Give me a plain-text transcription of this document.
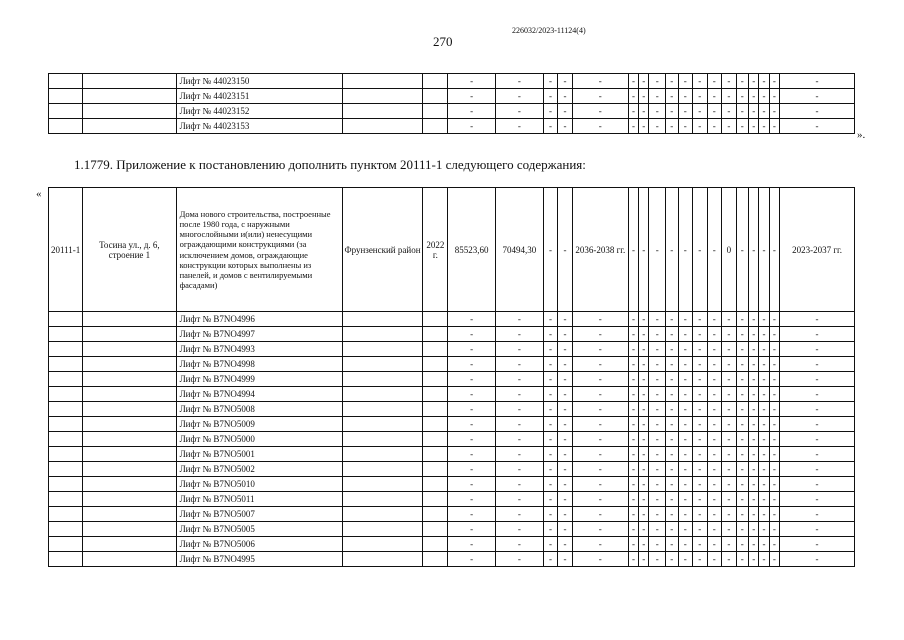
270
226032/2023-11124(4)
		Лифт № 44023150			-	-	-	-	-	-	-	-	-	-	-	-	-	-	-	-	-	-
		Лифт № 44023151			-	-	-	-	-	-	-	-	-	-	-	-	-	-	-	-	-	-
		Лифт № 44023152			-	-	-	-	-	-	-	-	-	-	-	-	-	-	-	-	-	-
		Лифт № 44023153			-	-	-	-	-	-	-	-	-	-	-	-	-	-	-	-	-	-
».
1.1779. Приложение к постановлению дополнить пунктом 20111-1 следующего содержания:
«
20111-1	Тосина ул., д. 6, строение 1	Дома нового строительства, построенные после 1980 года, с наружными многослойными и(или) ненесущими ограждающими конструкциями (за исключением домов, ограждающие конструкции которых выполнены из панелей, и домов с вентилируемыми фасадами)	Фрунзенский район	2022 г.	85523,60	70494,30	-	-	2036-2038 гг.	-	-	-	-	-	-	-	0	-	-	-	-	2023-2037 гг.
		Лифт № B7NO4996			-	-	-	-	-	-	-	-	-	-	-	-	-	-	-	-	-	-
		Лифт № B7NO4997			-	-	-	-	-	-	-	-	-	-	-	-	-	-	-	-	-	-
		Лифт № B7NO4993			-	-	-	-	-	-	-	-	-	-	-	-	-	-	-	-	-	-
		Лифт № B7NO4998			-	-	-	-	-	-	-	-	-	-	-	-	-	-	-	-	-	-
		Лифт № B7NO4999			-	-	-	-	-	-	-	-	-	-	-	-	-	-	-	-	-	-
		Лифт № B7NO4994			-	-	-	-	-	-	-	-	-	-	-	-	-	-	-	-	-	-
		Лифт № B7NO5008			-	-	-	-	-	-	-	-	-	-	-	-	-	-	-	-	-	-
		Лифт № B7NO5009			-	-	-	-	-	-	-	-	-	-	-	-	-	-	-	-	-	-
		Лифт № B7NO5000			-	-	-	-	-	-	-	-	-	-	-	-	-	-	-	-	-	-
		Лифт № B7NO5001			-	-	-	-	-	-	-	-	-	-	-	-	-	-	-	-	-	-
		Лифт № B7NO5002			-	-	-	-	-	-	-	-	-	-	-	-	-	-	-	-	-	-
		Лифт № B7NO5010			-	-	-	-	-	-	-	-	-	-	-	-	-	-	-	-	-	-
		Лифт № B7NO5011			-	-	-	-	-	-	-	-	-	-	-	-	-	-	-	-	-	-
		Лифт № B7NO5007			-	-	-	-	-	-	-	-	-	-	-	-	-	-	-	-	-	-
		Лифт № B7NO5005			-	-	-	-	-	-	-	-	-	-	-	-	-	-	-	-	-	-
		Лифт № B7NO5006			-	-	-	-	-	-	-	-	-	-	-	-	-	-	-	-	-	-
		Лифт № B7NO4995			-	-	-	-	-	-	-	-	-	-	-	-	-	-	-	-	-	-
